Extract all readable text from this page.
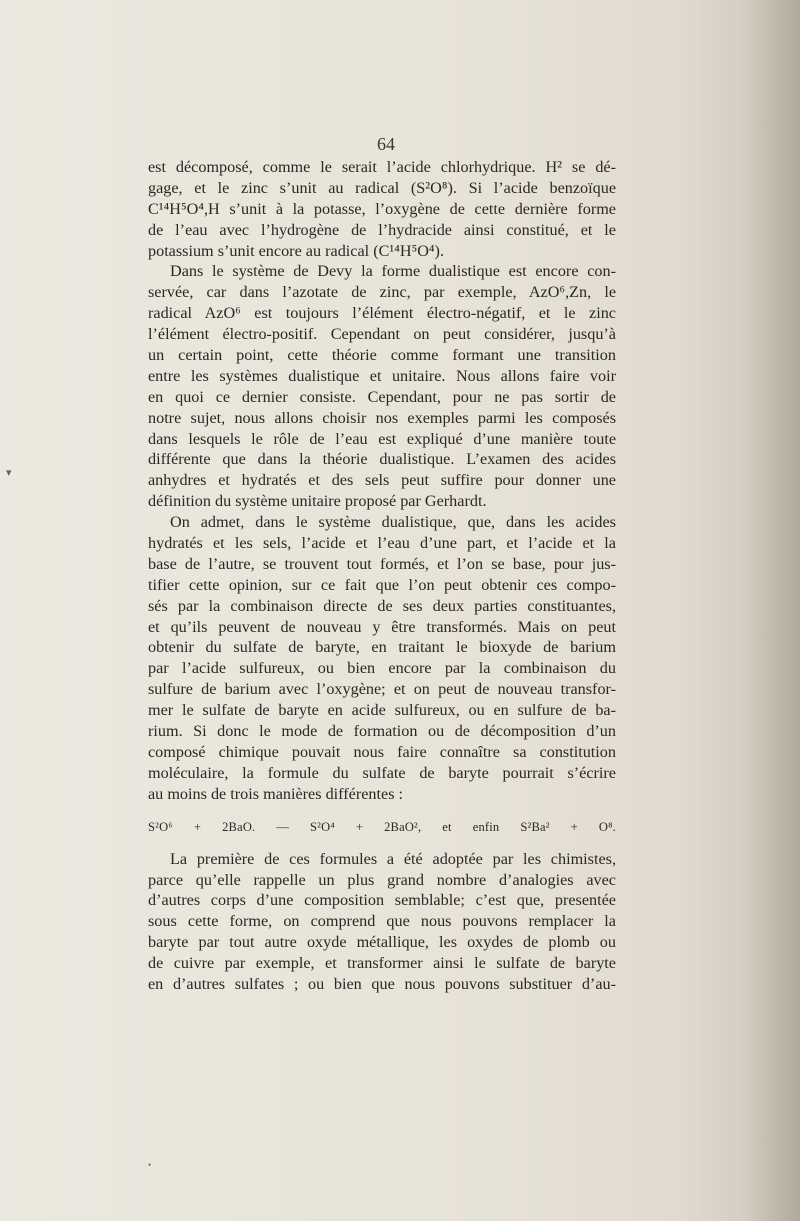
64
est décomposé, comme le serait l’acide chlorhydrique. H² se dé-
gage, et le zinc s’unit au radical (S²O⁸). Si l’acide benzoïque
C¹⁴H⁵O⁴,H s’unit à la potasse, l’oxygène de cette dernière forme
de l’eau avec l’hydrogène de l’hydracide ainsi constitué, et le
potassium s’unit encore au radical (C¹⁴H⁵O⁴).
Dans le système de Devy la forme dualistique est encore con-
servée, car dans l’azotate de zinc, par exemple, AzO⁶,Zn, le
radical AzO⁶ est toujours l’élément électro-négatif, et le zinc
l’élément électro-positif. Cependant on peut considérer, jusqu’à
un certain point, cette théorie comme formant une transition
entre les systèmes dualistique et unitaire. Nous allons faire voir
en quoi ce dernier consiste. Cependant, pour ne pas sortir de
notre sujet, nous allons choisir nos exemples parmi les composés
dans lesquels le rôle de l’eau est expliqué d’une manière toute
différente que dans la théorie dualistique. L’examen des acides
anhydres et hydratés et des sels peut suffire pour donner une
définition du système unitaire proposé par Gerhardt.
On admet, dans le système dualistique, que, dans les acides
hydratés et les sels, l’acide et l’eau d’une part, et l’acide et la
base de l’autre, se trouvent tout formés, et l’on se base, pour jus-
tifier cette opinion, sur ce fait que l’on peut obtenir ces compo-
sés par la combinaison directe de ses deux parties constituantes,
et qu’ils peuvent de nouveau y être transformés. Mais on peut
obtenir du sulfate de baryte, en traitant le bioxyde de barium
par l’acide sulfureux, ou bien encore par la combinaison du
sulfure de barium avec l’oxygène; et on peut de nouveau transfor-
mer le sulfate de baryte en acide sulfureux, ou en sulfure de ba-
rium. Si donc le mode de formation ou de décomposition d’un
composé chimique pouvait nous faire connaître sa constitution
moléculaire, la formule du sulfate de baryte pourrait s’écrire
au moins de trois manières différentes :
S²O⁶ + 2BaO. — S²O⁴ + 2BaO², et enfin S²Ba² + O⁸.
La première de ces formules a été adoptée par les chimistes,
parce qu’elle rappelle un plus grand nombre d’analogies avec
d’autres corps d’une composition semblable; c’est que, presentée
sous cette forme, on comprend que nous pouvons remplacer la
baryte par tout autre oxyde métallique, les oxydes de plomb ou
de cuivre par exemple, et transformer ainsi le sulfate de baryte
en d’autres sulfates ; ou bien que nous pouvons substituer d’au-
▾
•
